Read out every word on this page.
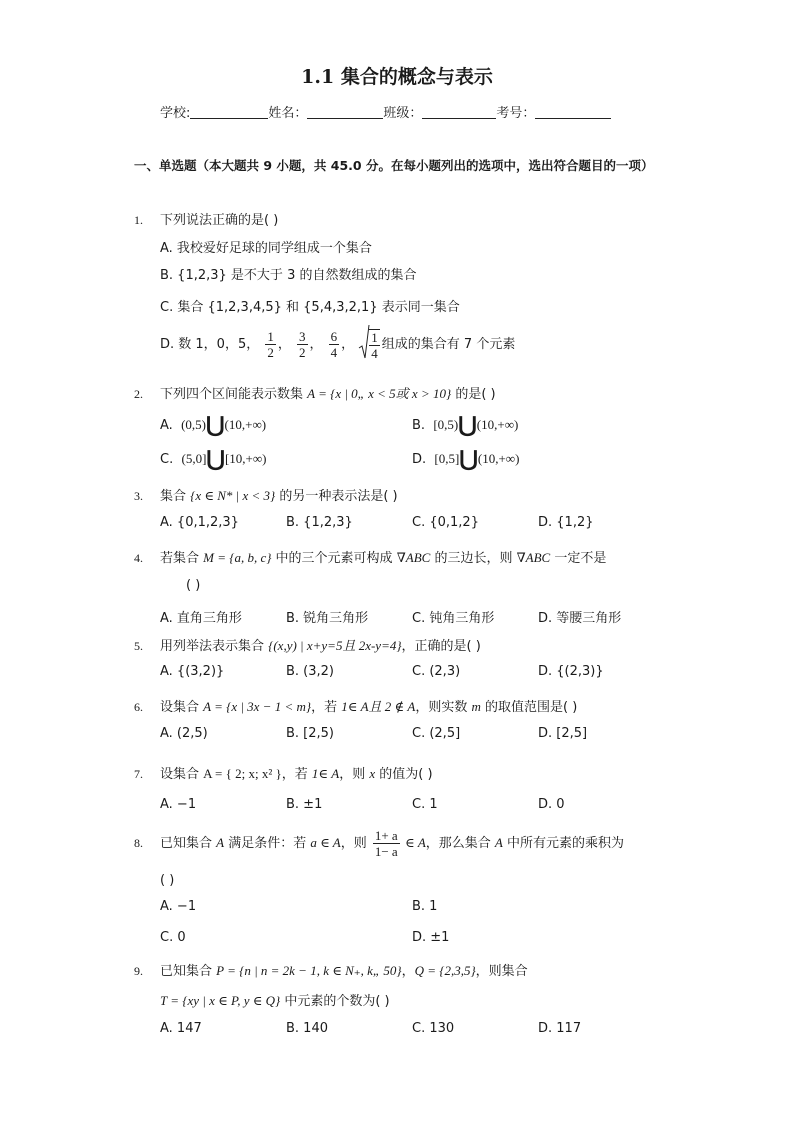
1.1 集合的概念与表示
学校:	姓名：	班级：	考号：
一、单选题（本大题共 9 小题，共 45.0 分。在每小题列出的选项中，选出符合题目的一项）
1. 下列说法正确的是( )
A. 我校爱好足球的同学组成一个集合
B. {1,2,3} 是不大于 3 的自然数组成的集合
C. 集合 {1,2,3,4,5} 和 {5,4,3,2,1} 表示同一集合
D. 数 1，0，5， $\frac{1}{2}$ ， $\frac{3}{2}$ ， $\frac{6}{4}$ ， $\frac{1}{4}$ 组成的集合有 7 个元素
2. 下列四个区间能表示数集 A = {x | 0„ x < 5或 x > 10} 的是( )
A. (0,5)⋃(10,+∞)	B. [0,5)⋃(10,+∞)
C. (5,0]⋃[10,+∞)	D. [0,5]⋃(10,+∞)
3. 集合 {x ∈ N* | x < 3} 的另一种表示法是( )
A. {0,1,2,3}	B. {1,2,3}	C. {0,1,2}	D. {1,2}
4. 若集合 M = {a, b, c} 中的三个元素可构成 ∇ABC 的三边长，则 ∇ABC 一定不是
( )
A. 直角三角形	B. 锐角三角形	C. 钝角三角形	D. 等腰三角形
5. 用列举法表示集合 {(x,y) | x+y=5且 2x-y=4}，正确的是( )
A. {(3,2)}	B. (3,2)	C. (2,3)	D. {(2,3)}
6. 设集合 A = {x | 3x − 1 < m}，若 1∈ A且 2 ∉ A，则实数 m 的取值范围是( )
A. (2,5)	B. [2,5)	C. (2,5]	D. [2,5]
7. 设集合 A = { 2; x; x² }，若 1∈ A，则 x 的值为( )
A. −1	B. ±1	C. 1	D. 0
8. 已知集合 A 满足条件：若 a ∈ A，则 $\frac{1+ a}{1- a}$ ∈ A，那么集合 A 中所有元素的乘积为
( )
A. −1	B. 1
C. 0	D. ±1
9. 已知集合 P = {n | n = 2k − 1, k ∈ N₊, k„ 50}，Q = {2,3,5}，则集合
T = {xy | x ∈ P, y ∈ Q} 中元素的个数为( )
A. 147	B. 140	C. 130	D. 117
